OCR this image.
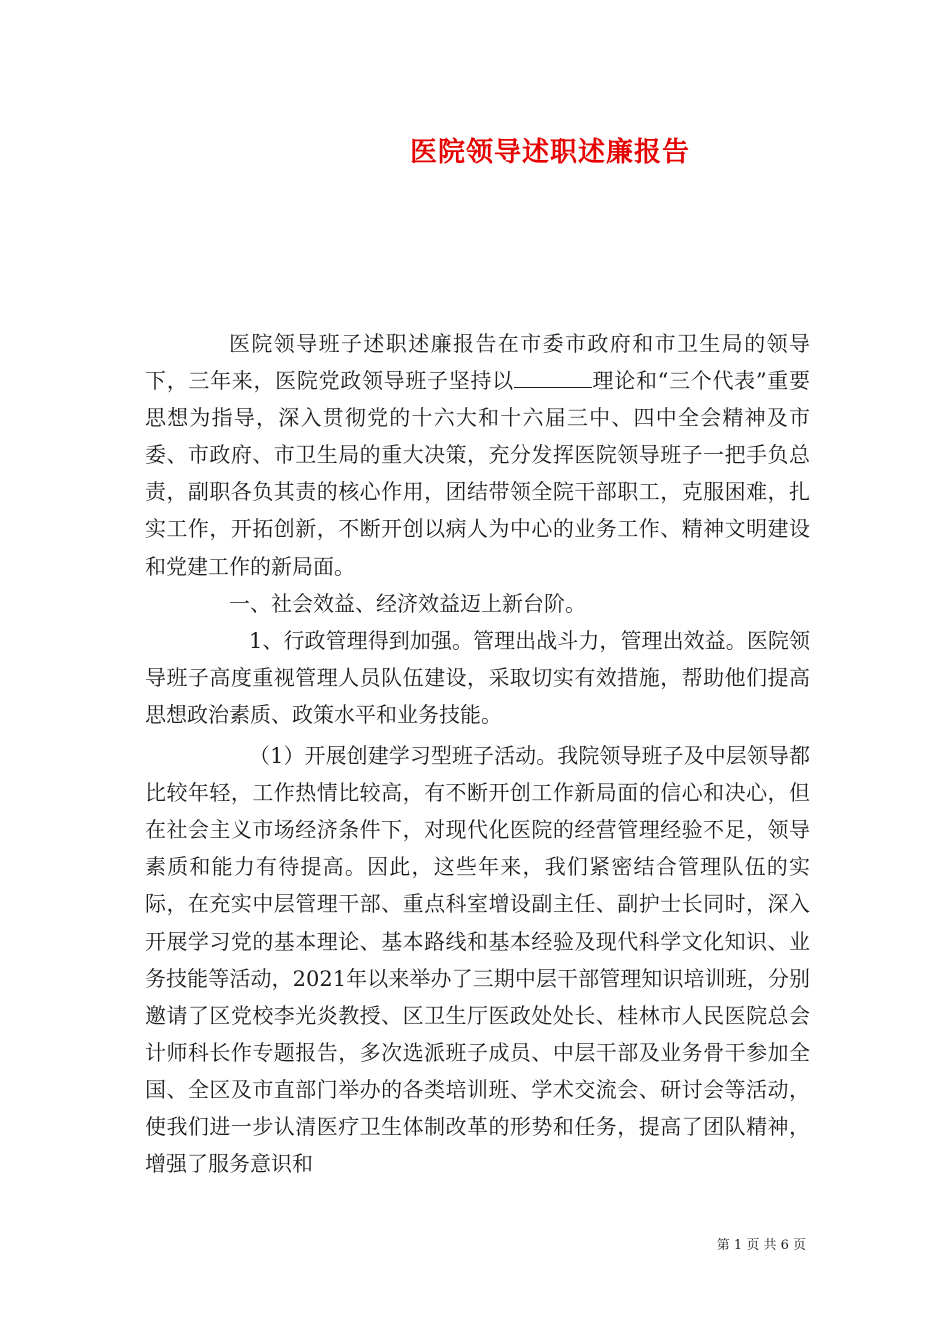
医院领导述职述廉报告

医院领导班子述职述廉报告在市委市政府和市卫生局的领导下，三年来，医院党政领导班子坚持以	理论和“三个代表”重要思想为指导，深入贯彻党的十六大和十六届三中、四中全会精神及市委、市政府、市卫生局的重大决策，充分发挥医院领导班子一把手负总责，副职各负其责的核心作用，团结带领全院干部职工，克服困难，扎实工作，开拓创新，不断开创以病人为中心的业务工作、精神文明建设和党建工作的新局面。

一、社会效益、经济效益迈上新台阶。

1、行政管理得到加强。管理出战斗力，管理出效益。医院领导班子高度重视管理人员队伍建设，采取切实有效措施，帮助他们提高思想政治素质、政策水平和业务技能。

（1）开展创建学习型班子活动。我院领导班子及中层领导都比较年轻，工作热情比较高，有不断开创工作新局面的信心和决心，但在社会主义市场经济条件下，对现代化医院的经营管理经验不足，领导素质和能力有待提高。因此，这些年来，我们紧密结合管理队伍的实际，在充实中层管理干部、重点科室增设副主任、副护士长同时，深入开展学习党的基本理论、基本路线和基本经验及现代科学文化知识、业务技能等活动，2021年以来举办了三期中层干部管理知识培训班，分别邀请了区党校李光炎教授、区卫生厅医政处处长、桂林市人民医院总会计师科长作专题报告，多次选派班子成员、中层干部及业务骨干参加全国、全区及市直部门举办的各类培训班、学术交流会、研讨会等活动，使我们进一步认清医疗卫生体制改革的形势和任务，提高了团队精神，增强了服务意识和

第 1 页 共 6 页
